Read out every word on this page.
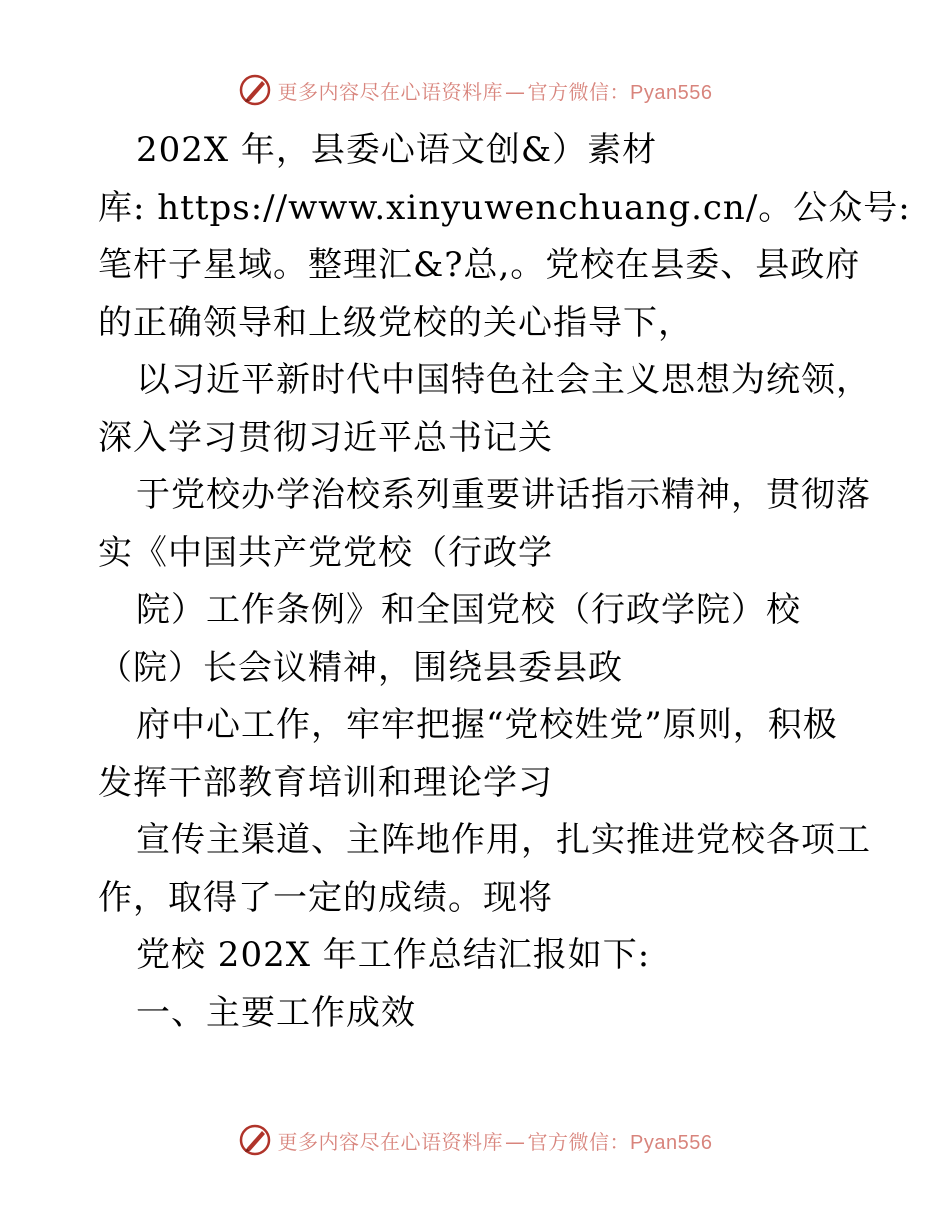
更多内容尽在心语资料库 — 官方微信：Pyan556
202X 年，县委心语文创&）素材
库: https://www.xinyuwenchuang.cn/。公众号:
笔杆子星域。整理汇&?总,。党校在县委、县政府
的正确领导和上级党校的关心指导下，
以习近平新时代中国特色社会主义思想为统领，
深入学习贯彻习近平总书记关
于党校办学治校系列重要讲话指示精神，贯彻落
实《中国共产党党校（行政学
院）工作条例》和全国党校（行政学院）校
（院）长会议精神，围绕县委县政
府中心工作，牢牢把握“党校姓党”原则，积极
发挥干部教育培训和理论学习
宣传主渠道、主阵地作用，扎实推进党校各项工
作，取得了一定的成绩。现将
党校 202X 年工作总结汇报如下:
一、主要工作成效
更多内容尽在心语资料库 — 官方微信：Pyan556
